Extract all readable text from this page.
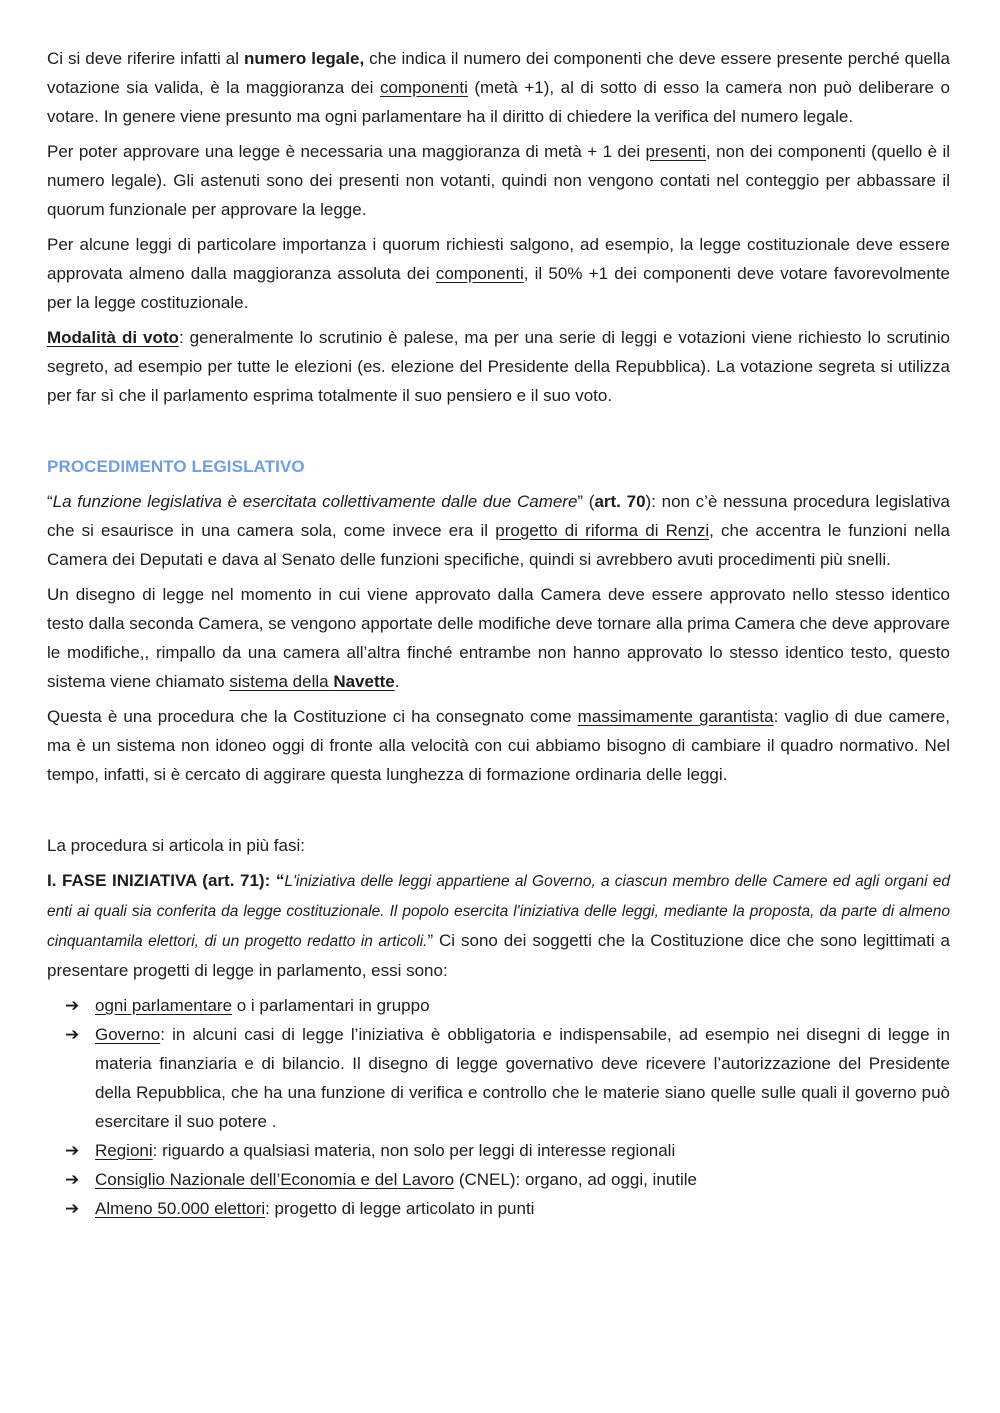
Ci si deve riferire infatti al numero legale, che indica il numero dei componenti che deve essere presente perché quella votazione sia valida, è la maggioranza dei componenti (metà +1), al di sotto di esso la camera non può deliberare o votare. In genere viene presunto ma ogni parlamentare ha il diritto di chiedere la verifica del numero legale.

Per poter approvare una legge è necessaria una maggioranza di metà + 1 dei presenti, non dei componenti (quello è il numero legale). Gli astenuti sono dei presenti non votanti, quindi non vengono contati nel conteggio per abbassare il quorum funzionale per approvare la legge.

Per alcune leggi di particolare importanza i quorum richiesti salgono, ad esempio, la legge costituzionale deve essere approvata almeno dalla maggioranza assoluta dei componenti, il 50% +1 dei componenti deve votare favorevolmente per la legge costituzionale.

Modalità di voto: generalmente lo scrutinio è palese, ma per una serie di leggi e votazioni viene richiesto lo scrutinio segreto, ad esempio per tutte le elezioni (es. elezione del Presidente della Repubblica). La votazione segreta si utilizza per far sì che il parlamento esprima totalmente il suo pensiero e il suo voto.

PROCEDIMENTO LEGISLATIVO

“La funzione legislativa è esercitata collettivamente dalle due Camere” (art. 70): non c’è nessuna procedura legislativa che si esaurisce in una camera sola, come invece era il progetto di riforma di Renzi, che accentra le funzioni nella Camera dei Deputati e dava al Senato delle funzioni specifiche, quindi si avrebbero avuti procedimenti più snelli.

Un disegno di legge nel momento in cui viene approvato dalla Camera deve essere approvato nello stesso identico testo dalla seconda Camera, se vengono apportate delle modifiche deve tornare alla prima Camera che deve approvare le modifiche,, rimpallo da una camera all’altra finché entrambe non hanno approvato lo stesso identico testo, questo sistema viene chiamato sistema della Navette.

Questa è una procedura che la Costituzione ci ha consegnato come massimamente garantista: vaglio di due camere, ma è un sistema non idoneo oggi di fronte alla velocità con cui abbiamo bisogno di cambiare il quadro normativo. Nel tempo, infatti, si è cercato di aggirare questa lunghezza di formazione ordinaria delle leggi.

La procedura si articola in più fasi:

I. FASE INIZIATIVA (art. 71): “L'iniziativa delle leggi appartiene al Governo, a ciascun membro delle Camere ed agli organi ed enti ai quali sia conferita da legge costituzionale. Il popolo esercita l'iniziativa delle leggi, mediante la proposta, da parte di almeno cinquantamila elettori, di un progetto redatto in articoli.” Ci sono dei soggetti che la Costituzione dice che sono legittimati a presentare progetti di legge in parlamento, essi sono:

➔ ogni parlamentare o i parlamentari in gruppo
➔ Governo: in alcuni casi di legge l’iniziativa è obbligatoria e indispensabile, ad esempio nei disegni di legge in materia finanziaria e di bilancio. Il disegno di legge governativo deve ricevere l’autorizzazione del Presidente della Repubblica, che ha una funzione di verifica e controllo che le materie siano quelle sulle quali il governo può esercitare il suo potere .
➔ Regioni: riguardo a qualsiasi materia, non solo per leggi di interesse regionali
➔ Consiglio Nazionale dell’Economia e del Lavoro (CNEL): organo, ad oggi, inutile
➔ Almeno 50.000 elettori: progetto di legge articolato in punti
